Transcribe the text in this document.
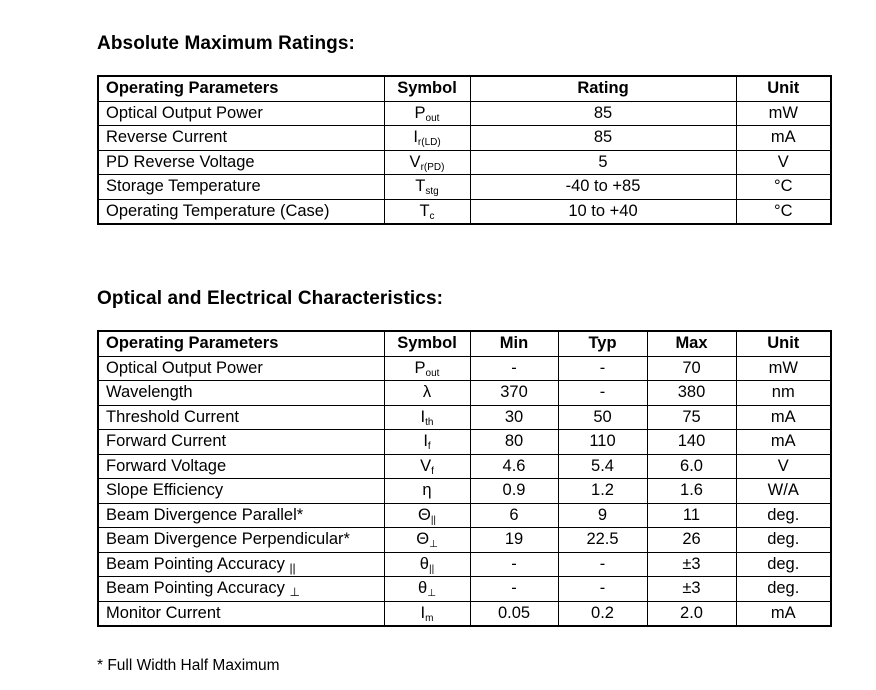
Absolute Maximum Ratings:
Operating Parameters	Symbol	Rating	Unit
Optical Output Power	$P_{out}$	85	mW
Reverse Current	$I_{r(LD)}$	85	mA
PD Reverse Voltage	$V_{r(PD)}$	5	V
Storage Temperature	$T_{stg}$	-40 to +85	°C
Operating Temperature (Case)	$T_c$	10 to +40	°C
Optical and Electrical Characteristics:
Operating Parameters	Symbol	Min	Typ	Max	Unit
Optical Output Power	$P_{out}$	-	-	70	mW
Wavelength	λ	370	-	380	nm
Threshold Current	$I_{th}$	30	50	75	mA
Forward Current	$I_f$	80	110	140	mA
Forward Voltage	$V_f$	4.6	5.4	6.0	V
Slope Efficiency	η	0.9	1.2	1.6	W/A
Beam Divergence Parallel*	$\Theta_{||}$	6	9	11	deg.
Beam Divergence Perpendicular*	$\Theta_\perp$	19	22.5	26	deg.
Beam Pointing Accuracy ||	$\theta_{||}$	-	-	±3	deg.
Beam Pointing Accuracy ⊥	$\theta_\perp$	-	-	±3	deg.
Monitor Current	$I_m$	0.05	0.2	2.0	mA

* Full Width Half Maximum
